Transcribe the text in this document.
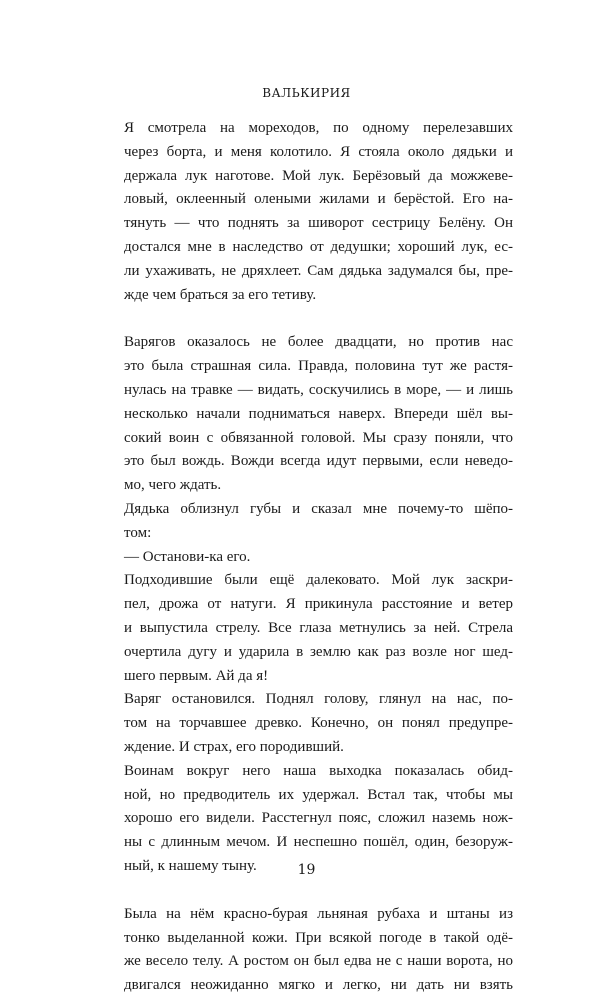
ВАЛЬКИРИЯ

Я смотрела на мореходов, по одному перелезавших
через борта, и меня колотило. Я стояла около дядьки и
держала лук наготове. Мой лук. Берёзовый да можжеве-
ловый, оклеенный олеными жилами и берёстой. Его на-
тянуть — что поднять за шиворот сестрицу Белёну. Он
достался мне в наследство от дедушки; хороший лук, ес-
ли ухаживать, не дряхлеет. Сам дядька задумался бы, пре-
жде чем браться за его тетиву.

Варягов оказалось не более двадцати, но против нас
это была страшная сила. Правда, половина тут же растя-
нулась на травке — видать, соскучились в море, — и лишь
несколько начали подниматься наверх. Впереди шёл вы-
сокий воин с обвязанной головой. Мы сразу поняли, что
это был вождь. Вожди всегда идут первыми, если неведо-
мо, чего ждать.

Дядька облизнул губы и сказал мне почему-то шёпо-
том:

— Останови-ка его.

Подходившие были ещё далековато. Мой лук заскри-
пел, дрожа от натуги. Я прикинула расстояние и ветер
и выпустила стрелу. Все глаза метнулись за ней. Стрела
очертила дугу и ударила в землю как раз возле ног шед-
шего первым. Ай да я!

Варяг остановился. Поднял голову, глянул на нас, по-
том на торчавшее древко. Конечно, он понял предупре-
ждение. И страх, его породивший.

Воинам вокруг него наша выходка показалась обид-
ной, но предводитель их удержал. Встал так, чтобы мы
хорошо его видели. Расстегнул пояс, сложил наземь нож-
ны с длинным мечом. И неспешно пошёл, один, безоруж-
ный, к нашему тыну.

Была на нём красно-бурая льняная рубаха и штаны из
тонко выделанной кожи. При всякой погоде в такой одё-
же весело телу. А ростом он был едва не с наши ворота, но
двигался неожиданно мягко и легко, ни дать ни взять

19
